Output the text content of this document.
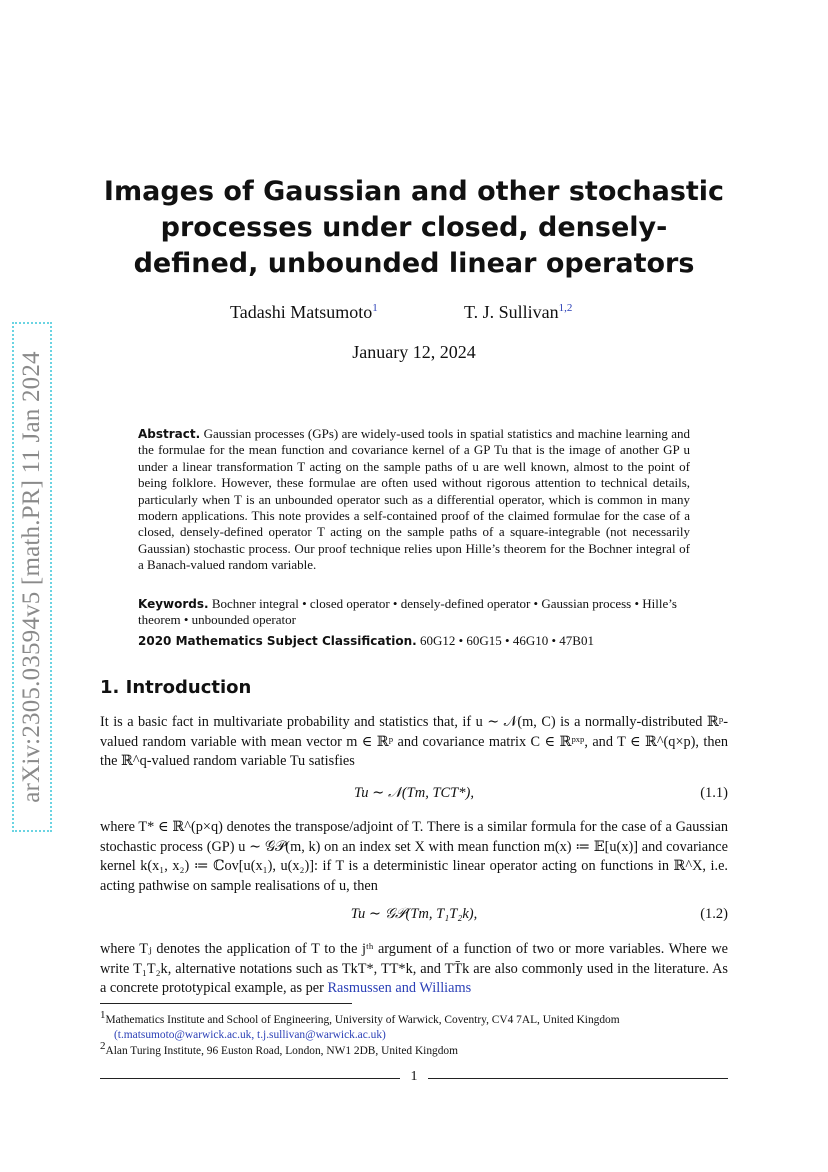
arXiv:2305.03594v5 [math.PR] 11 Jan 2024
Images of Gaussian and other stochastic processes under closed, densely-defined, unbounded linear operators
Tadashi Matsumoto$^1$	T. J. Sullivan$^{1,2}$
January 12, 2024
Abstract. Gaussian processes (GPs) are widely-used tools in spatial statistics and machine learning and the formulae for the mean function and covariance kernel of a GP Tu that is the image of another GP u under a linear transformation T acting on the sample paths of u are well known, almost to the point of being folklore. However, these formulae are often used without rigorous attention to technical details, particularly when T is an unbounded operator such as a differential operator, which is common in many modern applications. This note provides a self-contained proof of the claimed formulae for the case of a closed, densely-defined operator T acting on the sample paths of a square-integrable (not necessarily Gaussian) stochastic process. Our proof technique relies upon Hille’s theorem for the Bochner integral of a Banach-valued random variable.
Keywords. Bochner integral • closed operator • densely-defined operator • Gaussian process • Hille’s theorem • unbounded operator
2020 Mathematics Subject Classification. 60G12 • 60G15 • 46G10 • 47B01
1. Introduction
It is a basic fact in multivariate probability and statistics that, if u ∼ 𝒩(m, C) is a normally-distributed ℝᵖ-valued random variable with mean vector m ∈ ℝᵖ and covariance matrix C ∈ ℝᵖˣᵖ, and T ∈ ℝ^(q×p), then the ℝ^q-valued random variable Tu satisfies
Tu ∼ 𝒩(Tm, TCT*),	(1.1)
where T* ∈ ℝ^(p×q) denotes the transpose/adjoint of T. There is a similar formula for the case of a Gaussian stochastic process (GP) u ∼ 𝒢𝒫(m, k) on an index set X with mean function m(x) ≔ 𝔼[u(x)] and covariance kernel k(x₁, x₂) ≔ ℂov[u(x₁), u(x₂)]: if T is a deterministic linear operator acting on functions in ℝ^X, i.e. acting pathwise on sample realisations of u, then
Tu ∼ 𝒢𝒫(Tm, T₁T₂k),	(1.2)
where Tⱼ denotes the application of T to the jᵗʰ argument of a function of two or more variables. Where we write T₁T₂k, alternative notations such as TkT*, TT*k, and TT̄k are also commonly used in the literature. As a concrete prototypical example, as per Rasmussen and Williams
$^1$Mathematics Institute and School of Engineering, University of Warwick, Coventry, CV4 7AL, United Kingdom
(t.matsumoto@warwick.ac.uk, t.j.sullivan@warwick.ac.uk)
$^2$Alan Turing Institute, 96 Euston Road, London, NW1 2DB, United Kingdom
1
